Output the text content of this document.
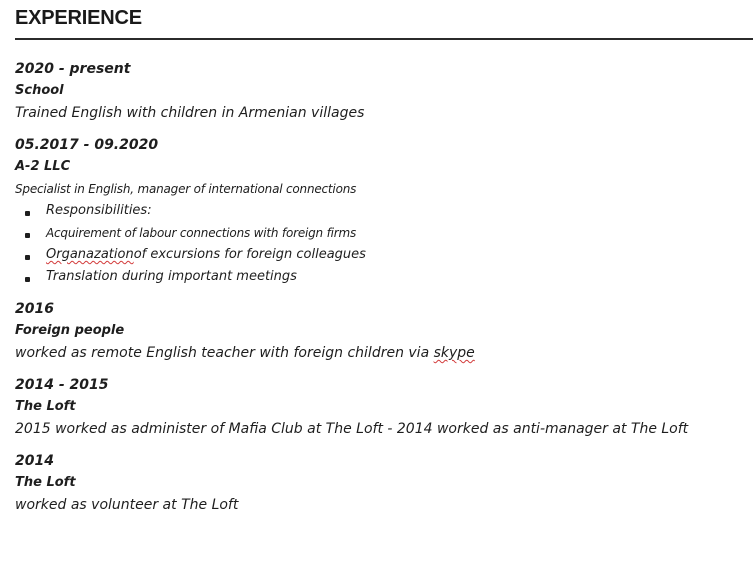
EXPERIENCE
2020 - present
School
Trained English with children in Armenian villages
05.2017 - 09.2020
A-2 LLC
Specialist in English, manager of international connections
Responsibilities:
Acquirement of labour connections with foreign firms
Organazationof excursions for foreign colleagues
Translation during important meetings
2016
Foreign people
worked as remote English teacher with foreign children via skype
2014 - 2015
The Loft
2015 worked as administer of Mafia Club at The Loft - 2014 worked as anti-manager at The Loft
2014
The Loft
worked as volunteer at The Loft
